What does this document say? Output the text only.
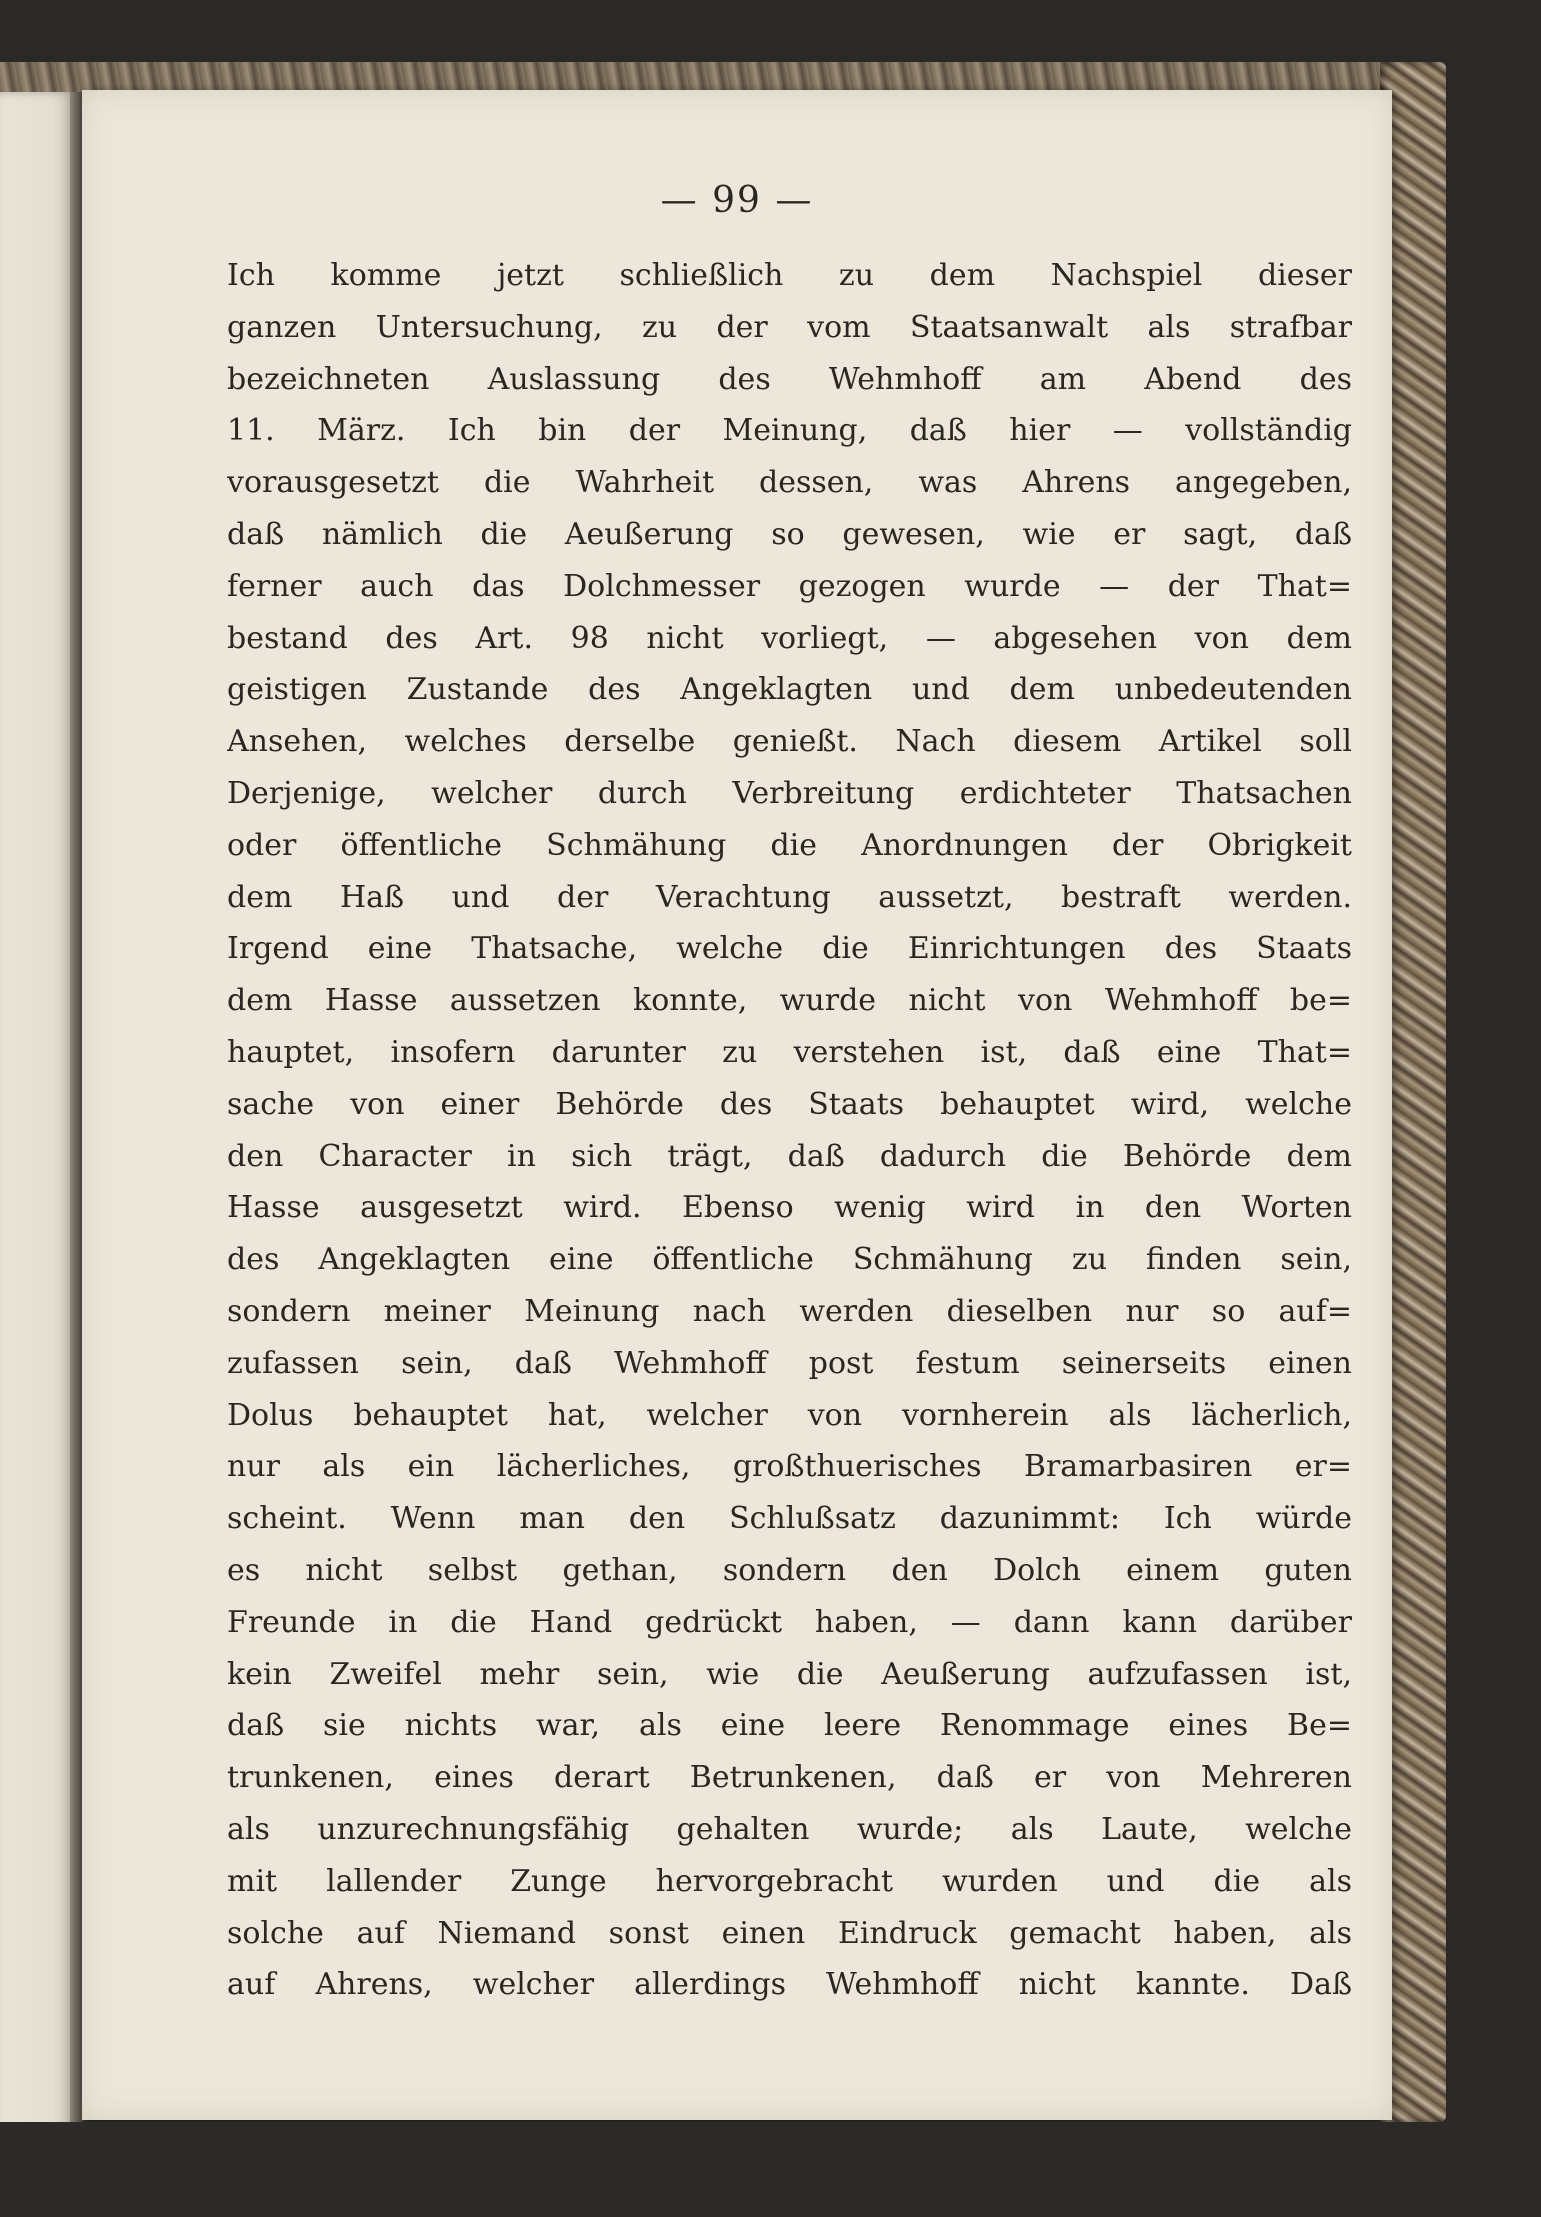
— 99 —
Ich komme jetzt schließlich zu dem Nachspiel dieser
ganzen Untersuchung, zu der vom Staatsanwalt als strafbar
bezeichneten Auslassung des Wehmhoff am Abend des
11. März. Ich bin der Meinung, daß hier — vollständig
vorausgesetzt die Wahrheit dessen, was Ahrens angegeben,
daß nämlich die Aeußerung so gewesen, wie er sagt, daß
ferner auch das Dolchmesser gezogen wurde — der That=
bestand des Art. 98 nicht vorliegt, — abgesehen von dem
geistigen Zustande des Angeklagten und dem unbedeutenden
Ansehen, welches derselbe genießt. Nach diesem Artikel soll
Derjenige, welcher durch Verbreitung erdichteter Thatsachen
oder öffentliche Schmähung die Anordnungen der Obrigkeit
dem Haß und der Verachtung aussetzt, bestraft werden.
Irgend eine Thatsache, welche die Einrichtungen des Staats
dem Hasse aussetzen konnte, wurde nicht von Wehmhoff be=
hauptet, insofern darunter zu verstehen ist, daß eine That=
sache von einer Behörde des Staats behauptet wird, welche
den Character in sich trägt, daß dadurch die Behörde dem
Hasse ausgesetzt wird. Ebenso wenig wird in den Worten
des Angeklagten eine öffentliche Schmähung zu finden sein,
sondern meiner Meinung nach werden dieselben nur so auf=
zufassen sein, daß Wehmhoff post festum seinerseits einen
Dolus behauptet hat, welcher von vornherein als lächerlich,
nur als ein lächerliches, großthuerisches Bramarbasiren er=
scheint. Wenn man den Schlußsatz dazunimmt: Ich würde
es nicht selbst gethan, sondern den Dolch einem guten
Freunde in die Hand gedrückt haben, — dann kann darüber
kein Zweifel mehr sein, wie die Aeußerung aufzufassen ist,
daß sie nichts war, als eine leere Renommage eines Be=
trunkenen, eines derart Betrunkenen, daß er von Mehreren
als unzurechnungsfähig gehalten wurde; als Laute, welche
mit lallender Zunge hervorgebracht wurden und die als
solche auf Niemand sonst einen Eindruck gemacht haben, als
auf Ahrens, welcher allerdings Wehmhoff nicht kannte. Daß
